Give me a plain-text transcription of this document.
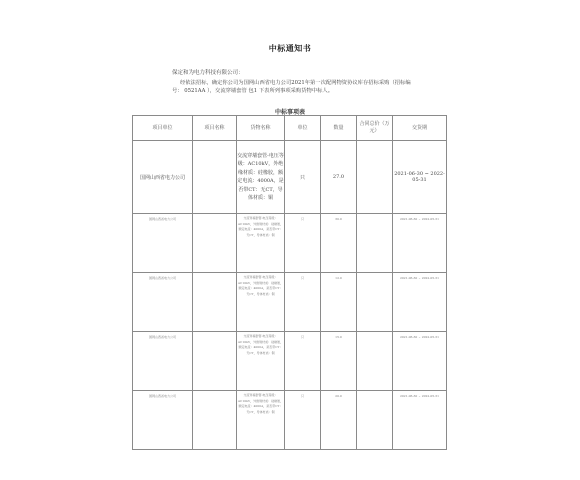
中标通知书
保定和为电力科技有限公司：
经依法招标，确定你公司为国网山西省电力公司2021年第一次配网物资协议库存招标采购（招标编号： 0521AA ），交流穿墙套管 包1 下表所列事项采购货物中标人。
中标事项表
项目单位	项目名称	货物名称	单位	数量	合同总价（万元）	交货期
国网山西省电力公司		交流穿墙套管-电压等级：AC10kV，外绝缘材质：硅橡胶，额定电流：4000A，是否带CT：无CT，导体材质：铜	只	27.0		2021-06-30 ~ 2022-05-31

国网山西省电力公司		交流穿墙套管-电压等级：AC10kV，外绝缘材质：硅橡胶，额定电流：4000A，是否带CT：无CT，导体材质：铜	只	30.0		2021-06-30 ~ 2022-05-31

国网山西省电力公司		交流穿墙套管-电压等级：AC10kV，外绝缘材质：硅橡胶，额定电流：4000A，是否带CT：无CT，导体材质：铜	只	12.0		2021-06-30 ~ 2022-05-31

国网山西省电力公司		交流穿墙套管-电压等级：AC10kV，外绝缘材质：硅橡胶，额定电流：4000A，是否带CT：无CT，导体材质：铜	只	15.0		2021-06-30 ~ 2022-05-31

国网山西省电力公司		交流穿墙套管-电压等级：AC10kV，外绝缘材质：硅橡胶，额定电流：4000A，是否带CT：无CT，导体材质：铜	只	20.0		2021-06-30 ~ 2022-05-31
